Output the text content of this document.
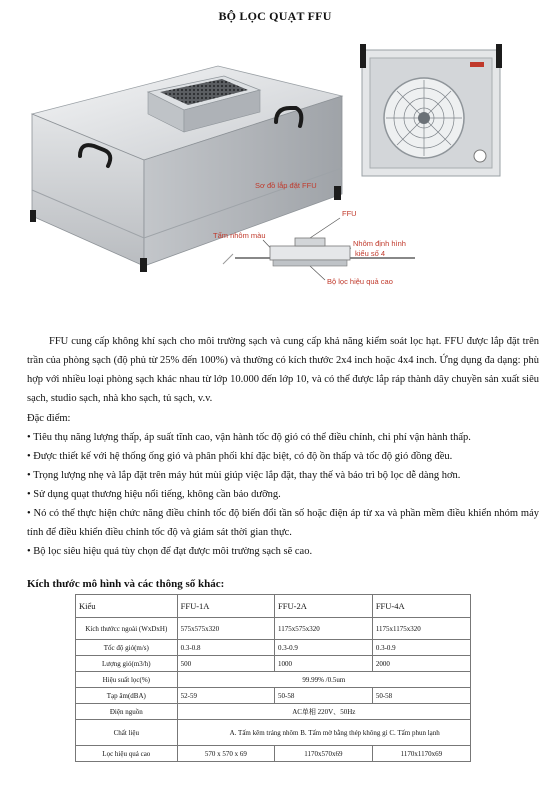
BỘ LỌC QUẠT FFU
Sơ đồ lắp đặt FFU
FFU
Tấm nhôm màu
Nhôm định hình
kiểu số 4
Bộ lọc hiệu quả cao

FFU cung cấp không khí sạch cho môi trường sạch và cung cấp khả năng kiểm soát lọc hạt. FFU được lắp đặt trên trần của phòng sạch (độ phủ từ 25% đến 100%) và thường có kích thước 2x4 inch hoặc 4x4 inch. Ứng dụng đa dạng: phù hợp với nhiều loại phòng sạch khác nhau từ lớp 10.000 đến lớp 10, và có thể được lắp ráp thành dây chuyền sản xuất siêu sạch, studio sạch, nhà kho sạch, tủ sạch, v.v.

Đặc điểm:
• Tiêu thụ năng lượng thấp, áp suất tĩnh cao, vận hành tốc độ gió có thể điều chỉnh, chi phí vận hành thấp.
• Được thiết kế với hệ thống ống gió và phân phối khí đặc biệt, có độ ồn thấp và tốc độ gió đồng đều.
• Trọng lượng nhẹ và lắp đặt trên máy hút mùi giúp việc lắp đặt, thay thế và bảo trì bộ lọc dễ dàng hơn.
• Sử dụng quạt thương hiệu nổi tiếng, không cần bảo dưỡng.
• Nó có thể thực hiện chức năng điều chỉnh tốc độ biến đổi tần số hoặc điện áp từ xa và phần mềm điều khiển nhóm máy tính để điều khiển điều chỉnh tốc độ và giám sát thời gian thực.
• Bộ lọc siêu hiệu quả tùy chọn để đạt được môi trường sạch sẽ cao.
Kích thước mô hình và các thông số khác:
Kiểu	FFU-1A	FFU-2A	FFU-4A
Kích thướcc ngoài (WxDxH)	575x575x320	1175x575x320	1175x1175x320
Tốc độ gió(m/s)	0.3-0.8	0.3-0.9	0.3-0.9
Lượng gió(m3/h)	500	1000	2000
Hiệu suất lọc(%)	99.99% /0.5um		
Tạp âm(dBA)	52-59	50-58	50-58
Điện nguồn	AC单相 220V、50Hz		
Chất liệu	A. Tấm kẽm tráng nhôm B. Tấm mờ bằng thép không gỉ C. Tấm phun lạnh		
Lọc hiệu quả cao	570 x 570 x 69	1170x570x69	1170x1170x69
